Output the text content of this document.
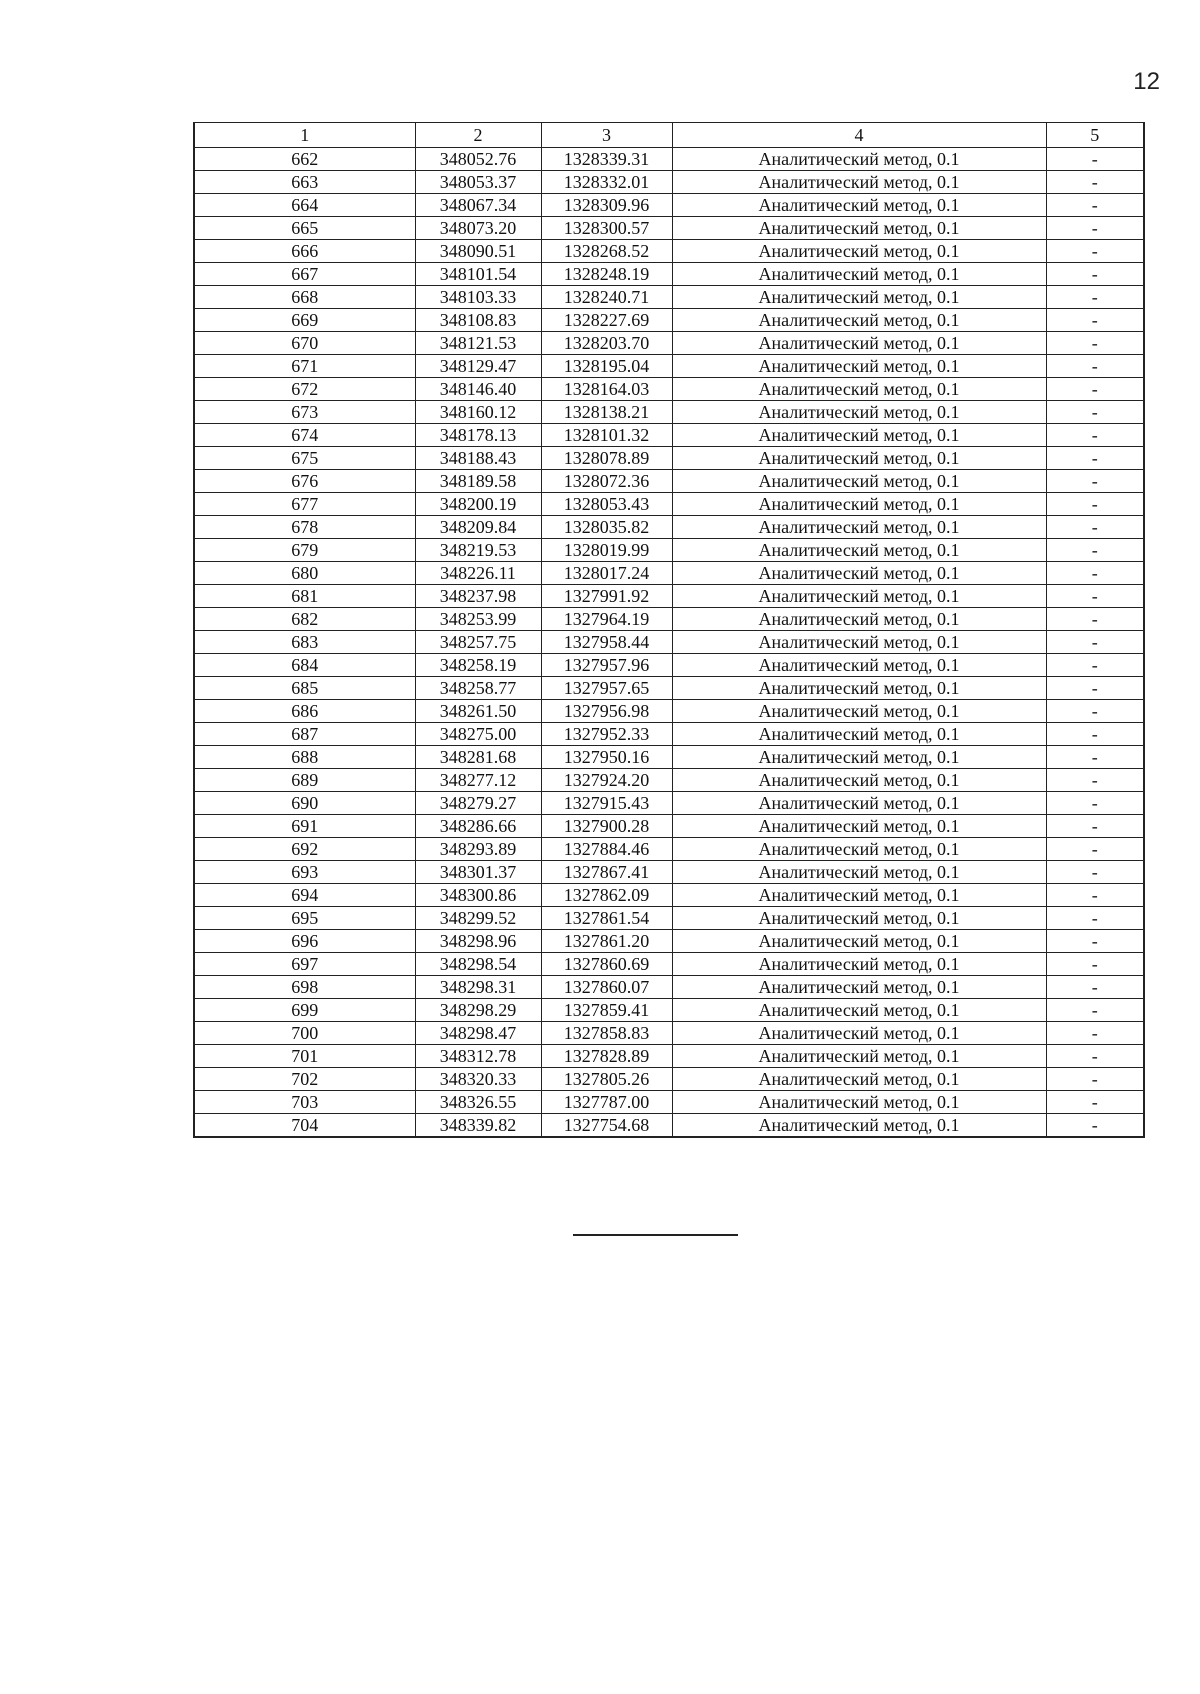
12
1	2	3	4	5
662	348052.76	1328339.31	Аналитический метод, 0.1	-
663	348053.37	1328332.01	Аналитический метод, 0.1	-
664	348067.34	1328309.96	Аналитический метод, 0.1	-
665	348073.20	1328300.57	Аналитический метод, 0.1	-
666	348090.51	1328268.52	Аналитический метод, 0.1	-
667	348101.54	1328248.19	Аналитический метод, 0.1	-
668	348103.33	1328240.71	Аналитический метод, 0.1	-
669	348108.83	1328227.69	Аналитический метод, 0.1	-
670	348121.53	1328203.70	Аналитический метод, 0.1	-
671	348129.47	1328195.04	Аналитический метод, 0.1	-
672	348146.40	1328164.03	Аналитический метод, 0.1	-
673	348160.12	1328138.21	Аналитический метод, 0.1	-
674	348178.13	1328101.32	Аналитический метод, 0.1	-
675	348188.43	1328078.89	Аналитический метод, 0.1	-
676	348189.58	1328072.36	Аналитический метод, 0.1	-
677	348200.19	1328053.43	Аналитический метод, 0.1	-
678	348209.84	1328035.82	Аналитический метод, 0.1	-
679	348219.53	1328019.99	Аналитический метод, 0.1	-
680	348226.11	1328017.24	Аналитический метод, 0.1	-
681	348237.98	1327991.92	Аналитический метод, 0.1	-
682	348253.99	1327964.19	Аналитический метод, 0.1	-
683	348257.75	1327958.44	Аналитический метод, 0.1	-
684	348258.19	1327957.96	Аналитический метод, 0.1	-
685	348258.77	1327957.65	Аналитический метод, 0.1	-
686	348261.50	1327956.98	Аналитический метод, 0.1	-
687	348275.00	1327952.33	Аналитический метод, 0.1	-
688	348281.68	1327950.16	Аналитический метод, 0.1	-
689	348277.12	1327924.20	Аналитический метод, 0.1	-
690	348279.27	1327915.43	Аналитический метод, 0.1	-
691	348286.66	1327900.28	Аналитический метод, 0.1	-
692	348293.89	1327884.46	Аналитический метод, 0.1	-
693	348301.37	1327867.41	Аналитический метод, 0.1	-
694	348300.86	1327862.09	Аналитический метод, 0.1	-
695	348299.52	1327861.54	Аналитический метод, 0.1	-
696	348298.96	1327861.20	Аналитический метод, 0.1	-
697	348298.54	1327860.69	Аналитический метод, 0.1	-
698	348298.31	1327860.07	Аналитический метод, 0.1	-
699	348298.29	1327859.41	Аналитический метод, 0.1	-
700	348298.47	1327858.83	Аналитический метод, 0.1	-
701	348312.78	1327828.89	Аналитический метод, 0.1	-
702	348320.33	1327805.26	Аналитический метод, 0.1	-
703	348326.55	1327787.00	Аналитический метод, 0.1	-
704	348339.82	1327754.68	Аналитический метод, 0.1	-
